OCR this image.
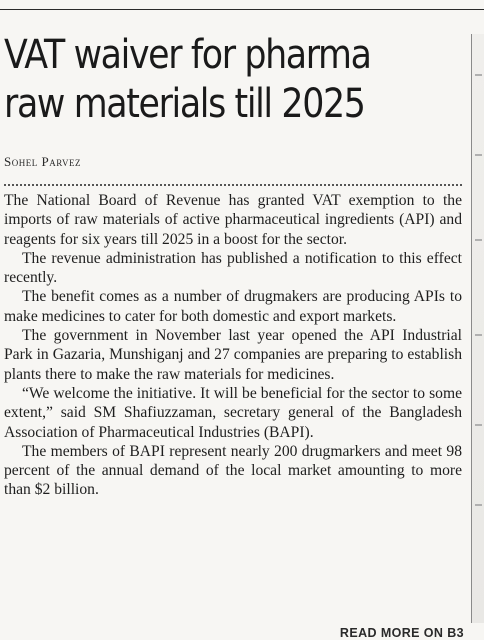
VAT waiver for pharma
raw materials till 2025
Sohel Parvez

The National Board of Revenue has granted VAT exemption to the imports of raw materials of active pharmaceutical ingredients (API) and reagents for six years till 2025 in a boost for the sector.

The revenue administration has published a notification to this effect recently.

The benefit comes as a number of drugmakers are producing APIs to make medicines to cater for both domestic and export markets.

The government in November last year opened the API Industrial Park in Gazaria, Munshiganj and 27 companies are preparing to establish plants there to make the raw materials for medicines.

“We welcome the initiative. It will be beneficial for the sector to some extent,” said SM Shafiuzzaman, secretary general of the Bangladesh Association of Pharmaceutical Industries (BAPI).

The members of BAPI represent nearly 200 drugmarkers and meet 98 percent of the annual demand of the local market amounting to more than $2 billion.

READ MORE ON B3
